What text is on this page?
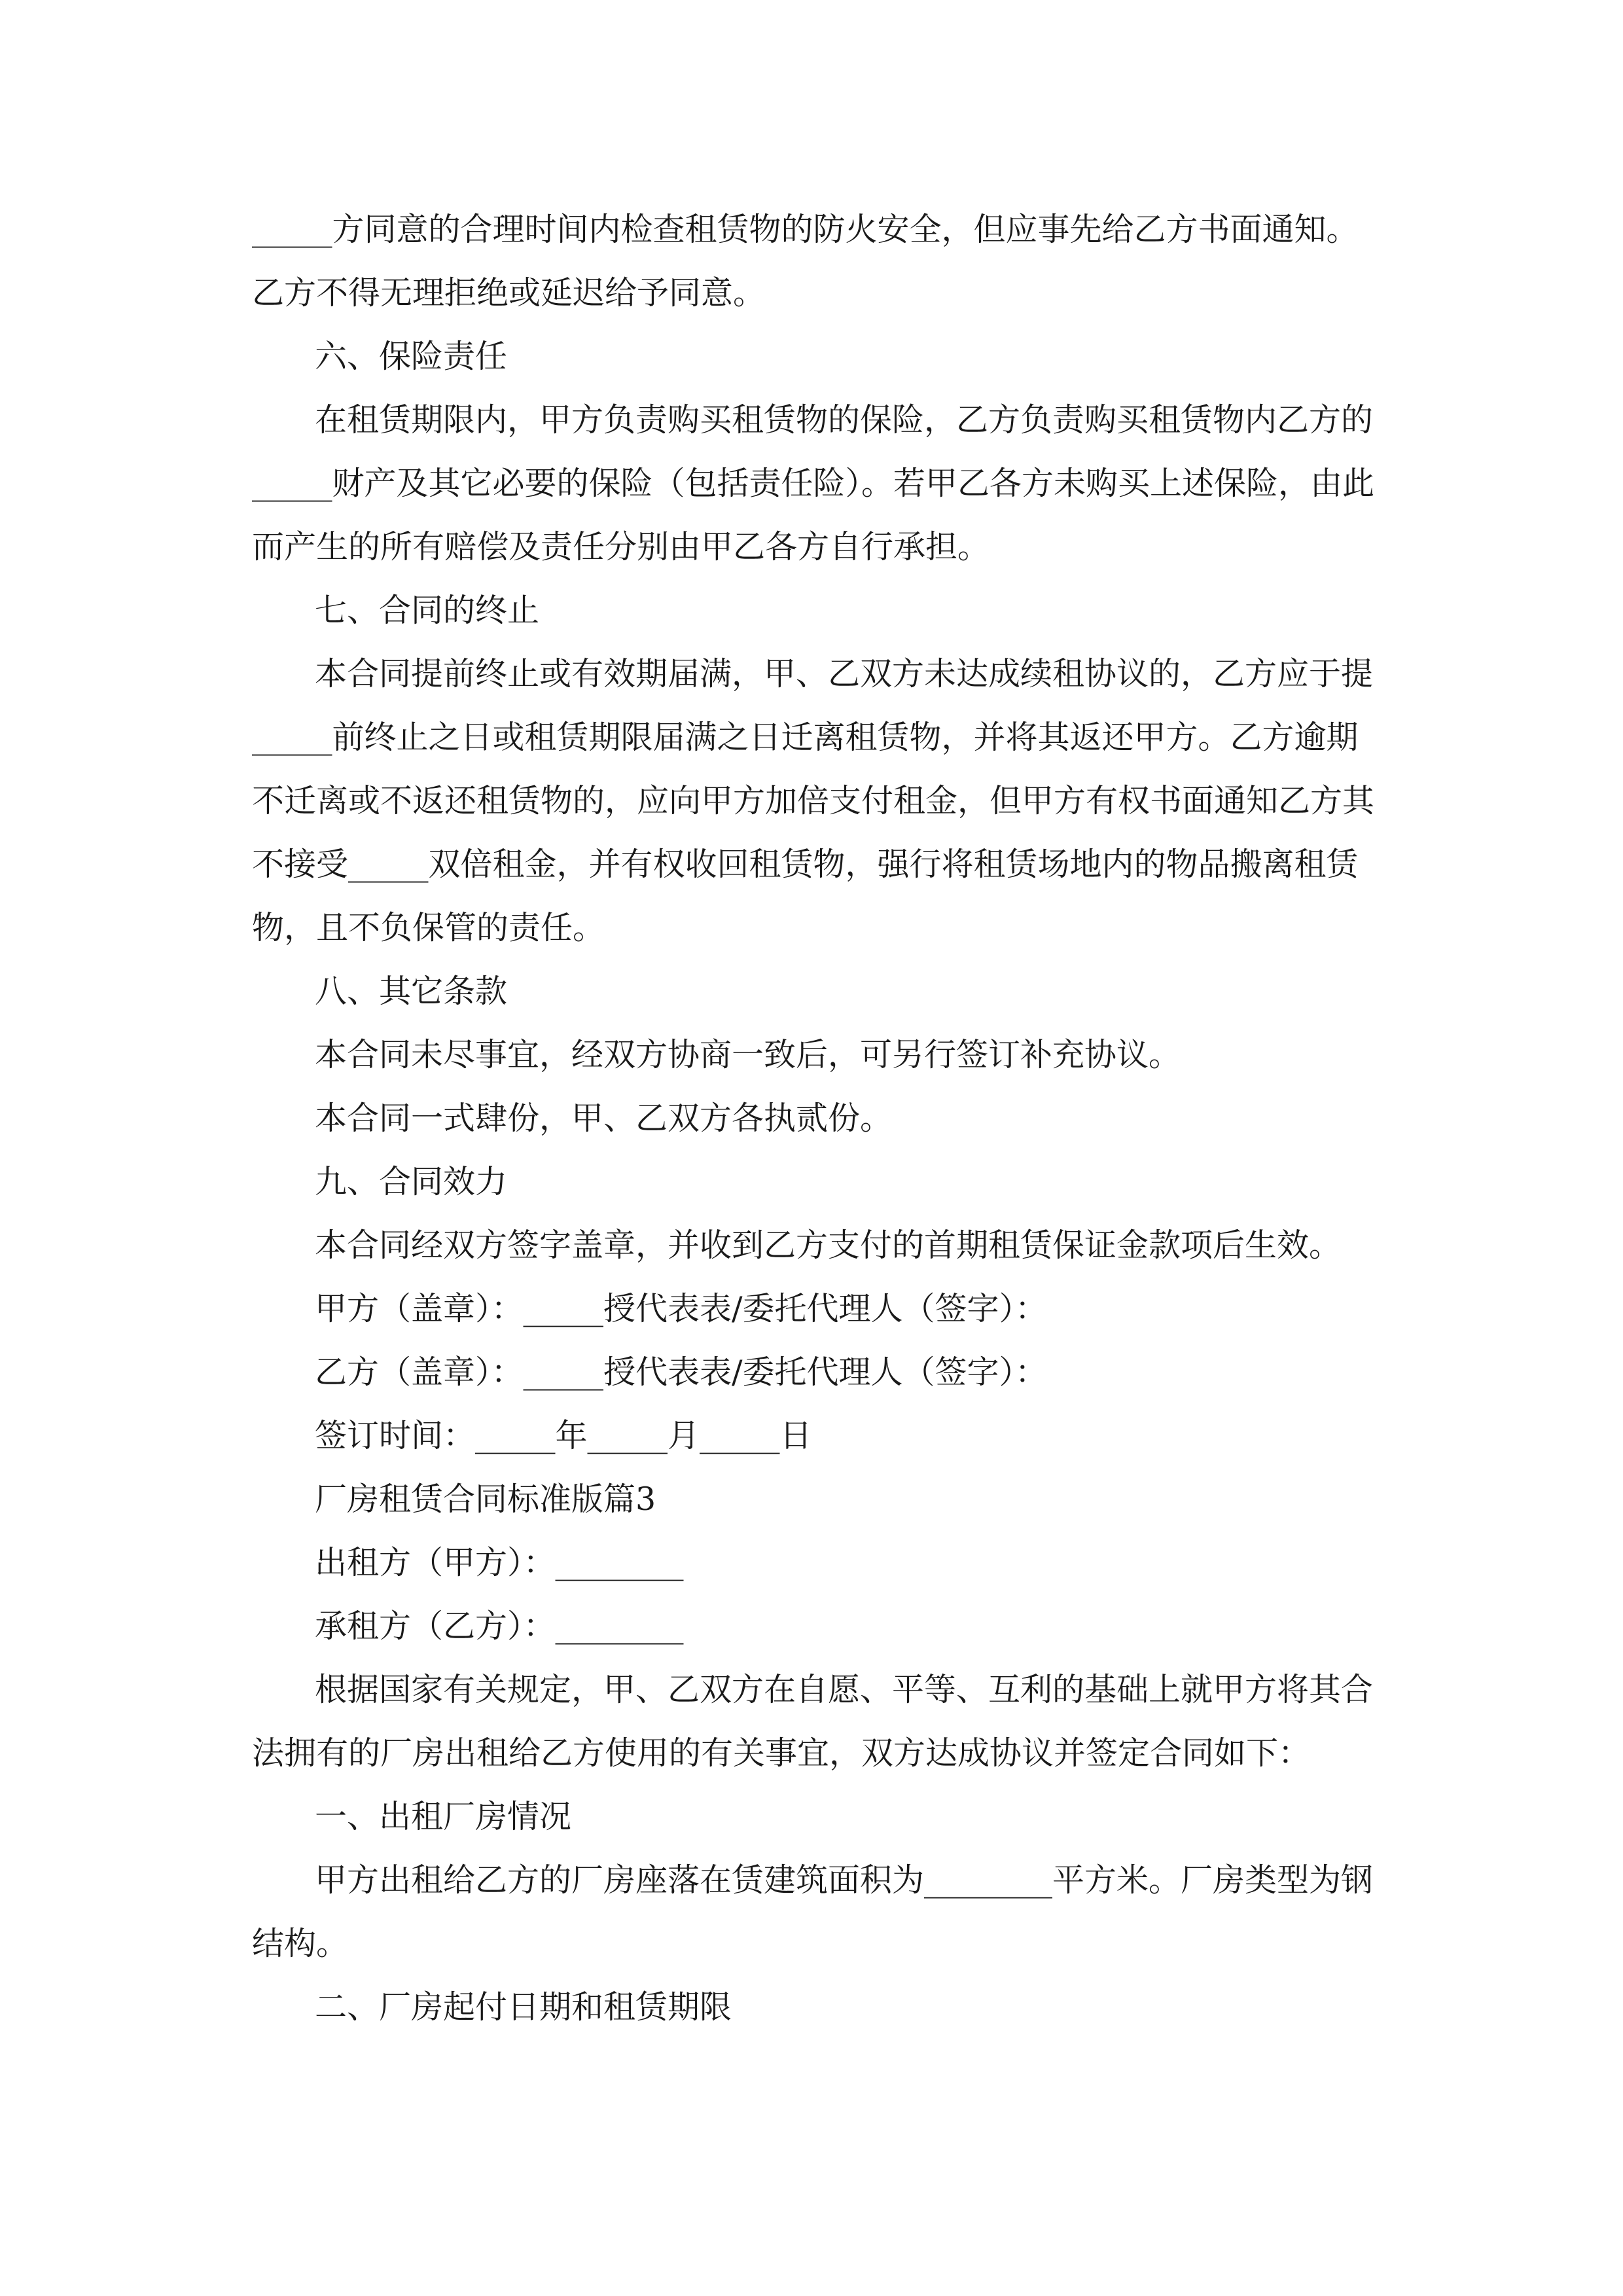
_____方同意的合理时间内检查租赁物的防火安全，但应事先给乙方书面通知。
乙方不得无理拒绝或延迟给予同意。
六、保险责任
在租赁期限内，甲方负责购买租赁物的保险，乙方负责购买租赁物内乙方的
_____财产及其它必要的保险（包括责任险）。若甲乙各方未购买上述保险，由此
而产生的所有赔偿及责任分别由甲乙各方自行承担。
七、合同的终止
本合同提前终止或有效期届满，甲、乙双方未达成续租协议的，乙方应于提
_____前终止之日或租赁期限届满之日迁离租赁物，并将其返还甲方。乙方逾期
不迁离或不返还租赁物的，应向甲方加倍支付租金，但甲方有权书面通知乙方其
不接受_____双倍租金，并有权收回租赁物，强行将租赁场地内的物品搬离租赁
物，且不负保管的责任。
八、其它条款
本合同未尽事宜，经双方协商一致后，可另行签订补充协议。
本合同一式肆份，甲、乙双方各执贰份。
九、合同效力
本合同经双方签字盖章，并收到乙方支付的首期租赁保证金款项后生效。
甲方（盖章）：_____授代表表/委托代理人（签字）：
乙方（盖章）：_____授代表表/委托代理人（签字）：
签订时间：_____年_____月_____日
厂房租赁合同标准版篇3
出租方（甲方）：________
承租方（乙方）：________
根据国家有关规定，甲、乙双方在自愿、平等、互利的基础上就甲方将其合
法拥有的厂房出租给乙方使用的有关事宜，双方达成协议并签定合同如下：
一、出租厂房情况
甲方出租给乙方的厂房座落在赁建筑面积为________平方米。厂房类型为钢
结构。
二、厂房起付日期和租赁期限
